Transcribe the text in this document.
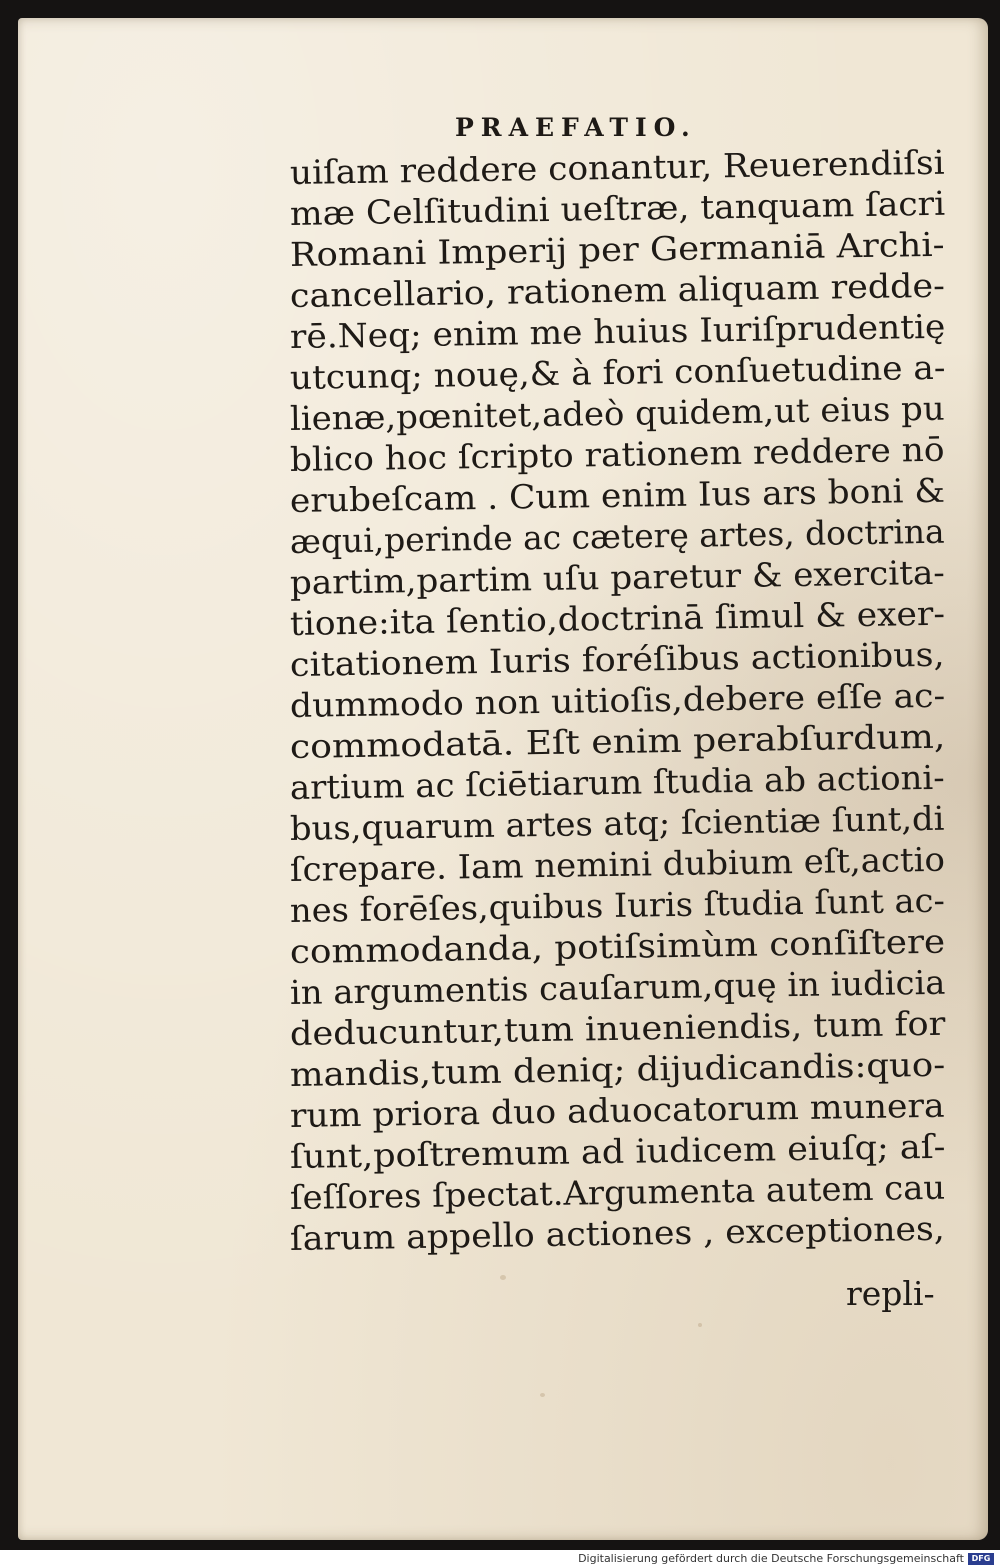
PRAEFATIO.
uiſam reddere conantur, Reuerendiſsi
mæ Celſitudini ueſtræ, tanquam ſacri
Romani Imperij per Germaniā Archi-
cancellario, rationem aliquam redde-
rē.Neq; enim me huius Iuriſprudentię
utcunq; nouę,& à fori conſuetudine a-
lienæ,pœnitet,adeò quidem,ut eius pu
blico hoc ſcripto rationem reddere nō
erubeſcam . Cum enim Ius ars boni &
æqui,perinde ac cæterę artes, doctrina
partim,partim uſu paretur & exercita-
tione:ita ſentio,doctrinā ſimul & exer-
citationem Iuris foréſibus actionibus,
dummodo non uitioſis,debere eſſe ac-
commodatā. Eſt enim perabſurdum,
artium ac ſciētiarum ſtudia ab actioni-
bus,quarum artes atq; ſcientiæ ſunt,di
ſcrepare. Iam nemini dubium eſt,actio
nes forēſes,quibus Iuris ſtudia ſunt ac-
commodanda, potiſsimùm conſiſtere
in argumentis cauſarum,quę in iudicia
deducuntur,tum inueniendis, tum for
mandis,tum deniq; dijudicandis:quo-
rum priora duo aduocatorum munera
ſunt,poſtremum ad iudicem eiuſq; aſ-
ſeſſores ſpectat.Argumenta autem cau
ſarum appello actiones , exceptiones,
repli-
Digitalisierung gefördert durch die Deutsche Forschungsgemeinschaft DFG
